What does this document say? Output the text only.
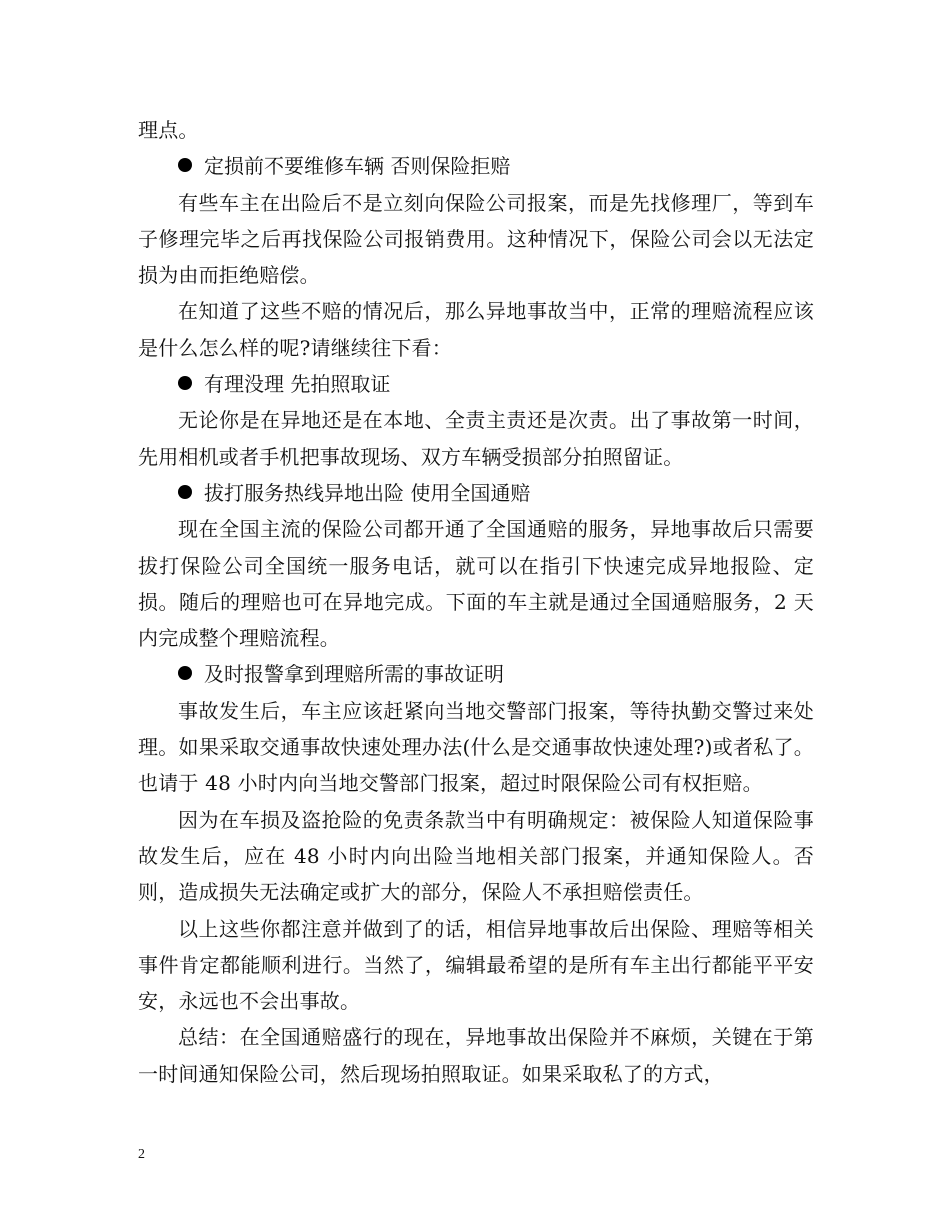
理点。

定损前不要维修车辆 否则保险拒赔

有些车主在出险后不是立刻向保险公司报案，而是先找修理厂，等到车子修理完毕之后再找保险公司报销费用。这种情况下，保险公司会以无法定损为由而拒绝赔偿。

在知道了这些不赔的情况后，那么异地事故当中，正常的理赔流程应该是什么怎么样的呢?请继续往下看：

有理没理 先拍照取证

无论你是在异地还是在本地、全责主责还是次责。出了事故第一时间，先用相机或者手机把事故现场、双方车辆受损部分拍照留证。

拔打服务热线异地出险 使用全国通赔

现在全国主流的保险公司都开通了全国通赔的服务，异地事故后只需要拔打保险公司全国统一服务电话，就可以在指引下快速完成异地报险、定损。随后的理赔也可在异地完成。下面的车主就是通过全国通赔服务，2 天内完成整个理赔流程。

及时报警拿到理赔所需的事故证明

事故发生后，车主应该赶紧向当地交警部门报案，等待执勤交警过来处理。如果采取交通事故快速处理办法(什么是交通事故快速处理?)或者私了。也请于 48 小时内向当地交警部门报案，超过时限保险公司有权拒赔。

因为在车损及盗抢险的免责条款当中有明确规定：被保险人知道保险事故发生后，应在 48 小时内向出险当地相关部门报案，并通知保险人。否则，造成损失无法确定或扩大的部分，保险人不承担赔偿责任。

以上这些你都注意并做到了的话，相信异地事故后出保险、理赔等相关事件肯定都能顺利进行。当然了，编辑最希望的是所有车主出行都能平平安安，永远也不会出事故。

总结：在全国通赔盛行的现在，异地事故出保险并不麻烦，关键在于第一时间通知保险公司，然后现场拍照取证。如果采取私了的方式，

2
